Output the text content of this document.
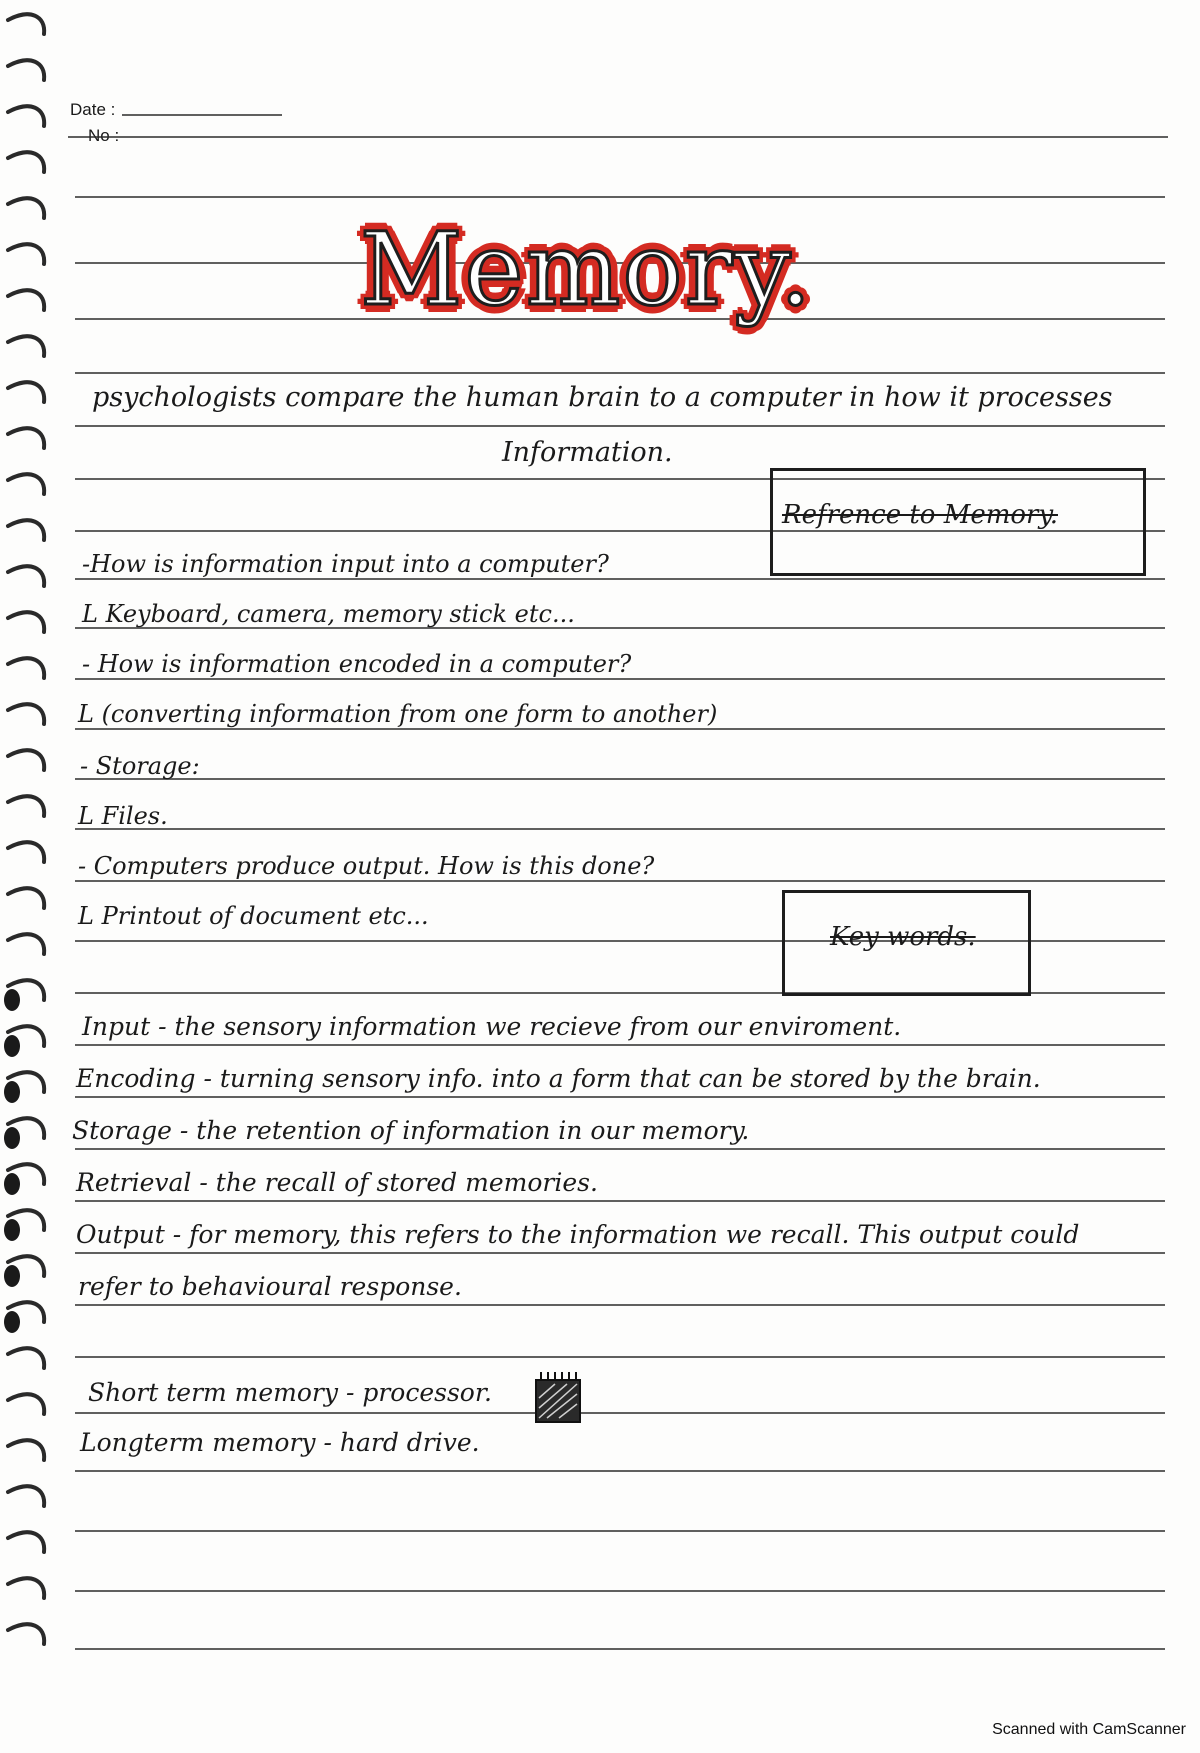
Date :
Memory.
psychologists compare the human brain to a computer in how it processes
Information.
Refrence to Memory.
-How is information input into a computer?
L Keyboard, camera, memory stick etc...
- How is information encoded in a computer?
L (converting information from one form to another)
- Storage:
L Files.
- Computers produce output. How is this done?
L Printout of document etc...
Key words.
Input - the sensory information we recieve from our enviroment.
Encoding - turning sensory info. into a form that can be stored by the brain.
Storage - the retention of information in our memory.
Retrieval - the recall of stored memories.
Output - for memory, this refers to the information we recall. This output could
refer to behavioural response.
Short term memory - processor.
Longterm memory - hard drive.
Scanned with CamScanner
